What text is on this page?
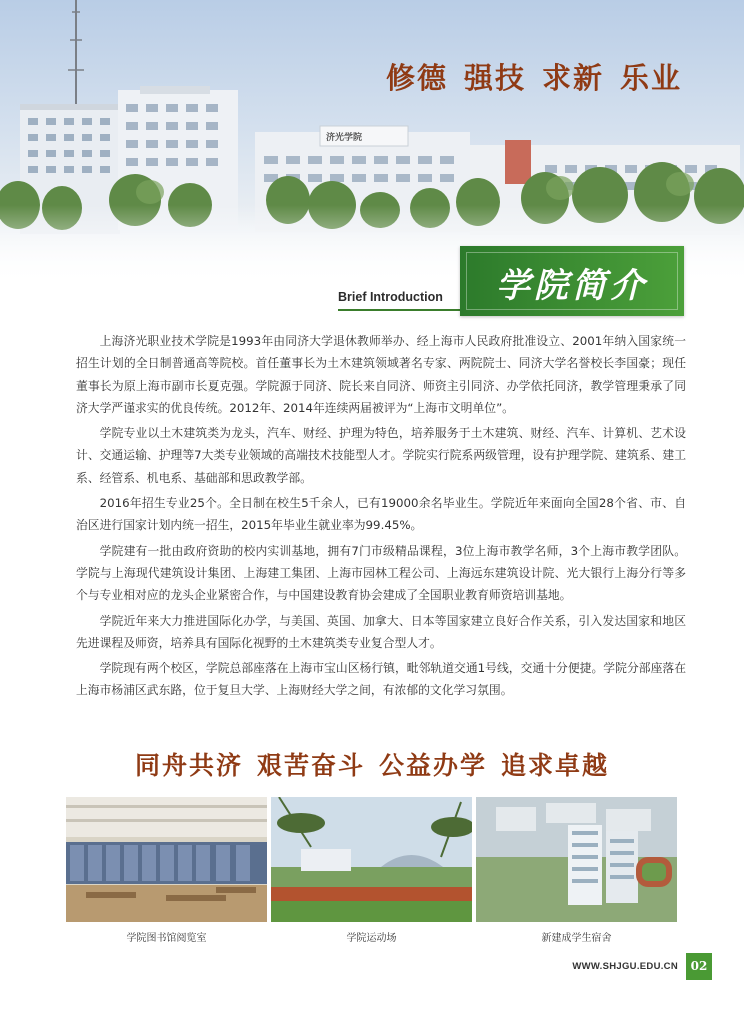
济光学院
修德 强技 求新 乐业
Brief Introduction	学院简介

上海济光职业技术学院是1993年由同济大学退休教师举办、经上海市人民政府批准设立、2001年纳入国家统一招生计划的全日制普通高等院校。首任董事长为土木建筑领域著名专家、两院院士、同济大学名誉校长李国豪；现任董事长为原上海市副市长夏克强。学院源于同济、院长来自同济、师资主引同济、办学依托同济，教学管理秉承了同济大学严谨求实的优良传统。2012年、2014年连续两届被评为“上海市文明单位”。

学院专业以土木建筑类为龙头，汽车、财经、护理为特色，培养服务于土木建筑、财经、汽车、计算机、艺术设计、交通运输、护理等7大类专业领域的高端技术技能型人才。学院实行院系两级管理，设有护理学院、建筑系、建工系、经管系、机电系、基础部和思政教学部。

2016年招生专业25个。全日制在校生5千余人，已有19000余名毕业生。学院近年来面向全国28个省、市、自治区进行国家计划内统一招生，2015年毕业生就业率为99.45%。

学院建有一批由政府资助的校内实训基地，拥有7门市级精品课程，3位上海市教学名师，3个上海市教学团队。学院与上海现代建筑设计集团、上海建工集团、上海市园林工程公司、上海远东建筑设计院、光大银行上海分行等多个与专业相对应的龙头企业紧密合作，与中国建设教育协会建成了全国职业教育师资培训基地。

学院近年来大力推进国际化办学，与美国、英国、加拿大、日本等国家建立良好合作关系，引入发达国家和地区先进课程及师资，培养具有国际化视野的土木建筑类专业复合型人才。

学院现有两个校区，学院总部座落在上海市宝山区杨行镇，毗邻轨道交通1号线，交通十分便捷。学院分部座落在上海市杨浦区武东路，位于复旦大学、上海财经大学之间，有浓郁的文化学习氛围。

同舟共济 艰苦奋斗 公益办学 追求卓越
学院图书馆阅览室	学院运动场	新建成学生宿舍
WWW.SHJGU.EDU.CN	02
